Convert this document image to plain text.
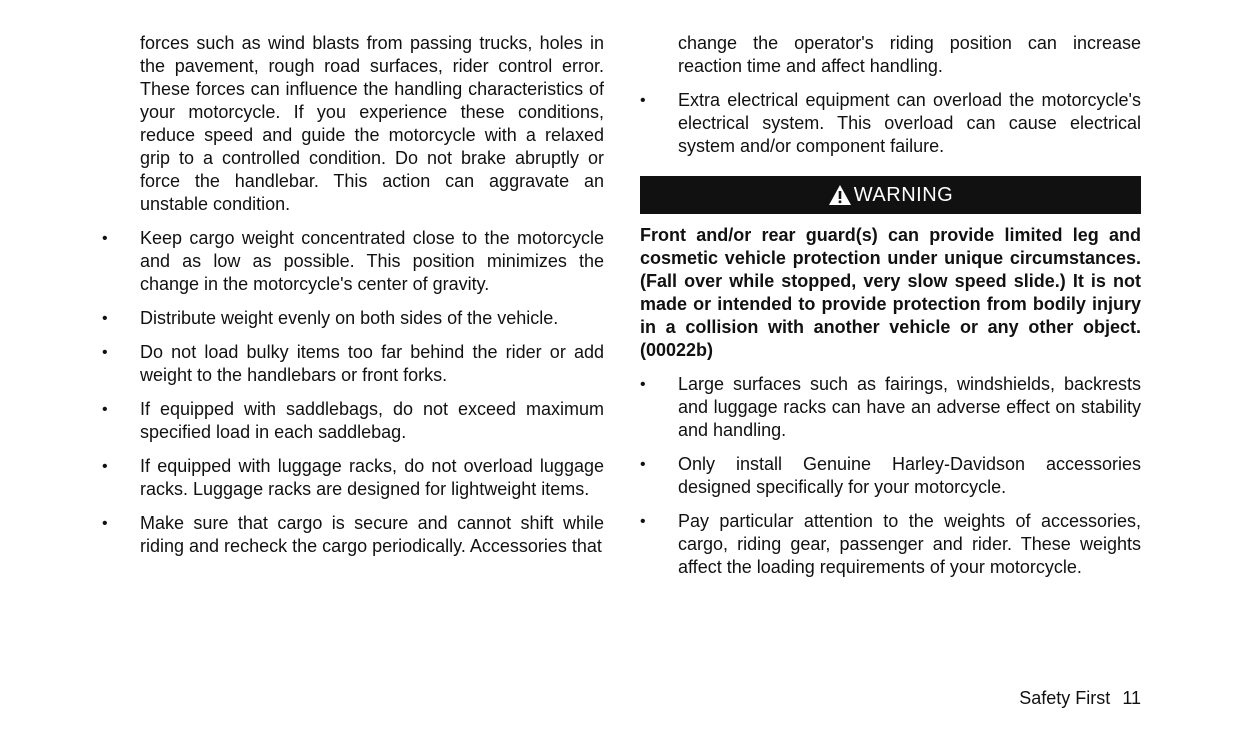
forces such as wind blasts from passing trucks, holes in the pavement, rough road surfaces, rider control error. These forces can influence the handling characteristics of your motorcycle. If you experience these conditions, reduce speed and guide the motorcycle with a relaxed grip to a controlled condition. Do not brake abruptly or force the handlebar. This action can aggravate an unstable condition.

•	Keep cargo weight concentrated close to the motorcycle and as low as possible. This position minimizes the change in the motorcycle's center of gravity.
•	Distribute weight evenly on both sides of the vehicle.
•	Do not load bulky items too far behind the rider or add weight to the handlebars or front forks.
•	If equipped with saddlebags, do not exceed maximum specified load in each saddlebag.
•	If equipped with luggage racks, do not overload luggage racks. Luggage racks are designed for lightweight items.
•	Make sure that cargo is secure and cannot shift while riding and recheck the cargo periodically. Accessories that

change the operator's riding position can increase reaction time and affect handling.

•	Extra electrical equipment can overload the motorcycle's electrical system. This overload can cause electrical system and/or component failure.
WARNING

Front and/or rear guard(s) can provide limited leg and cosmetic vehicle protection under unique circumstances. (Fall over while stopped, very slow speed slide.) It is not made or intended to provide protection from bodily injury in a collision with another vehicle or any other object. (00022b)

•	Large surfaces such as fairings, windshields, backrests and luggage racks can have an adverse effect on stability and handling.
•	Only install Genuine Harley-Davidson accessories designed specifically for your motorcycle.
•	Pay particular attention to the weights of accessories, cargo, riding gear, passenger and rider. These weights affect the loading requirements of your motorcycle.
Safety First 11
